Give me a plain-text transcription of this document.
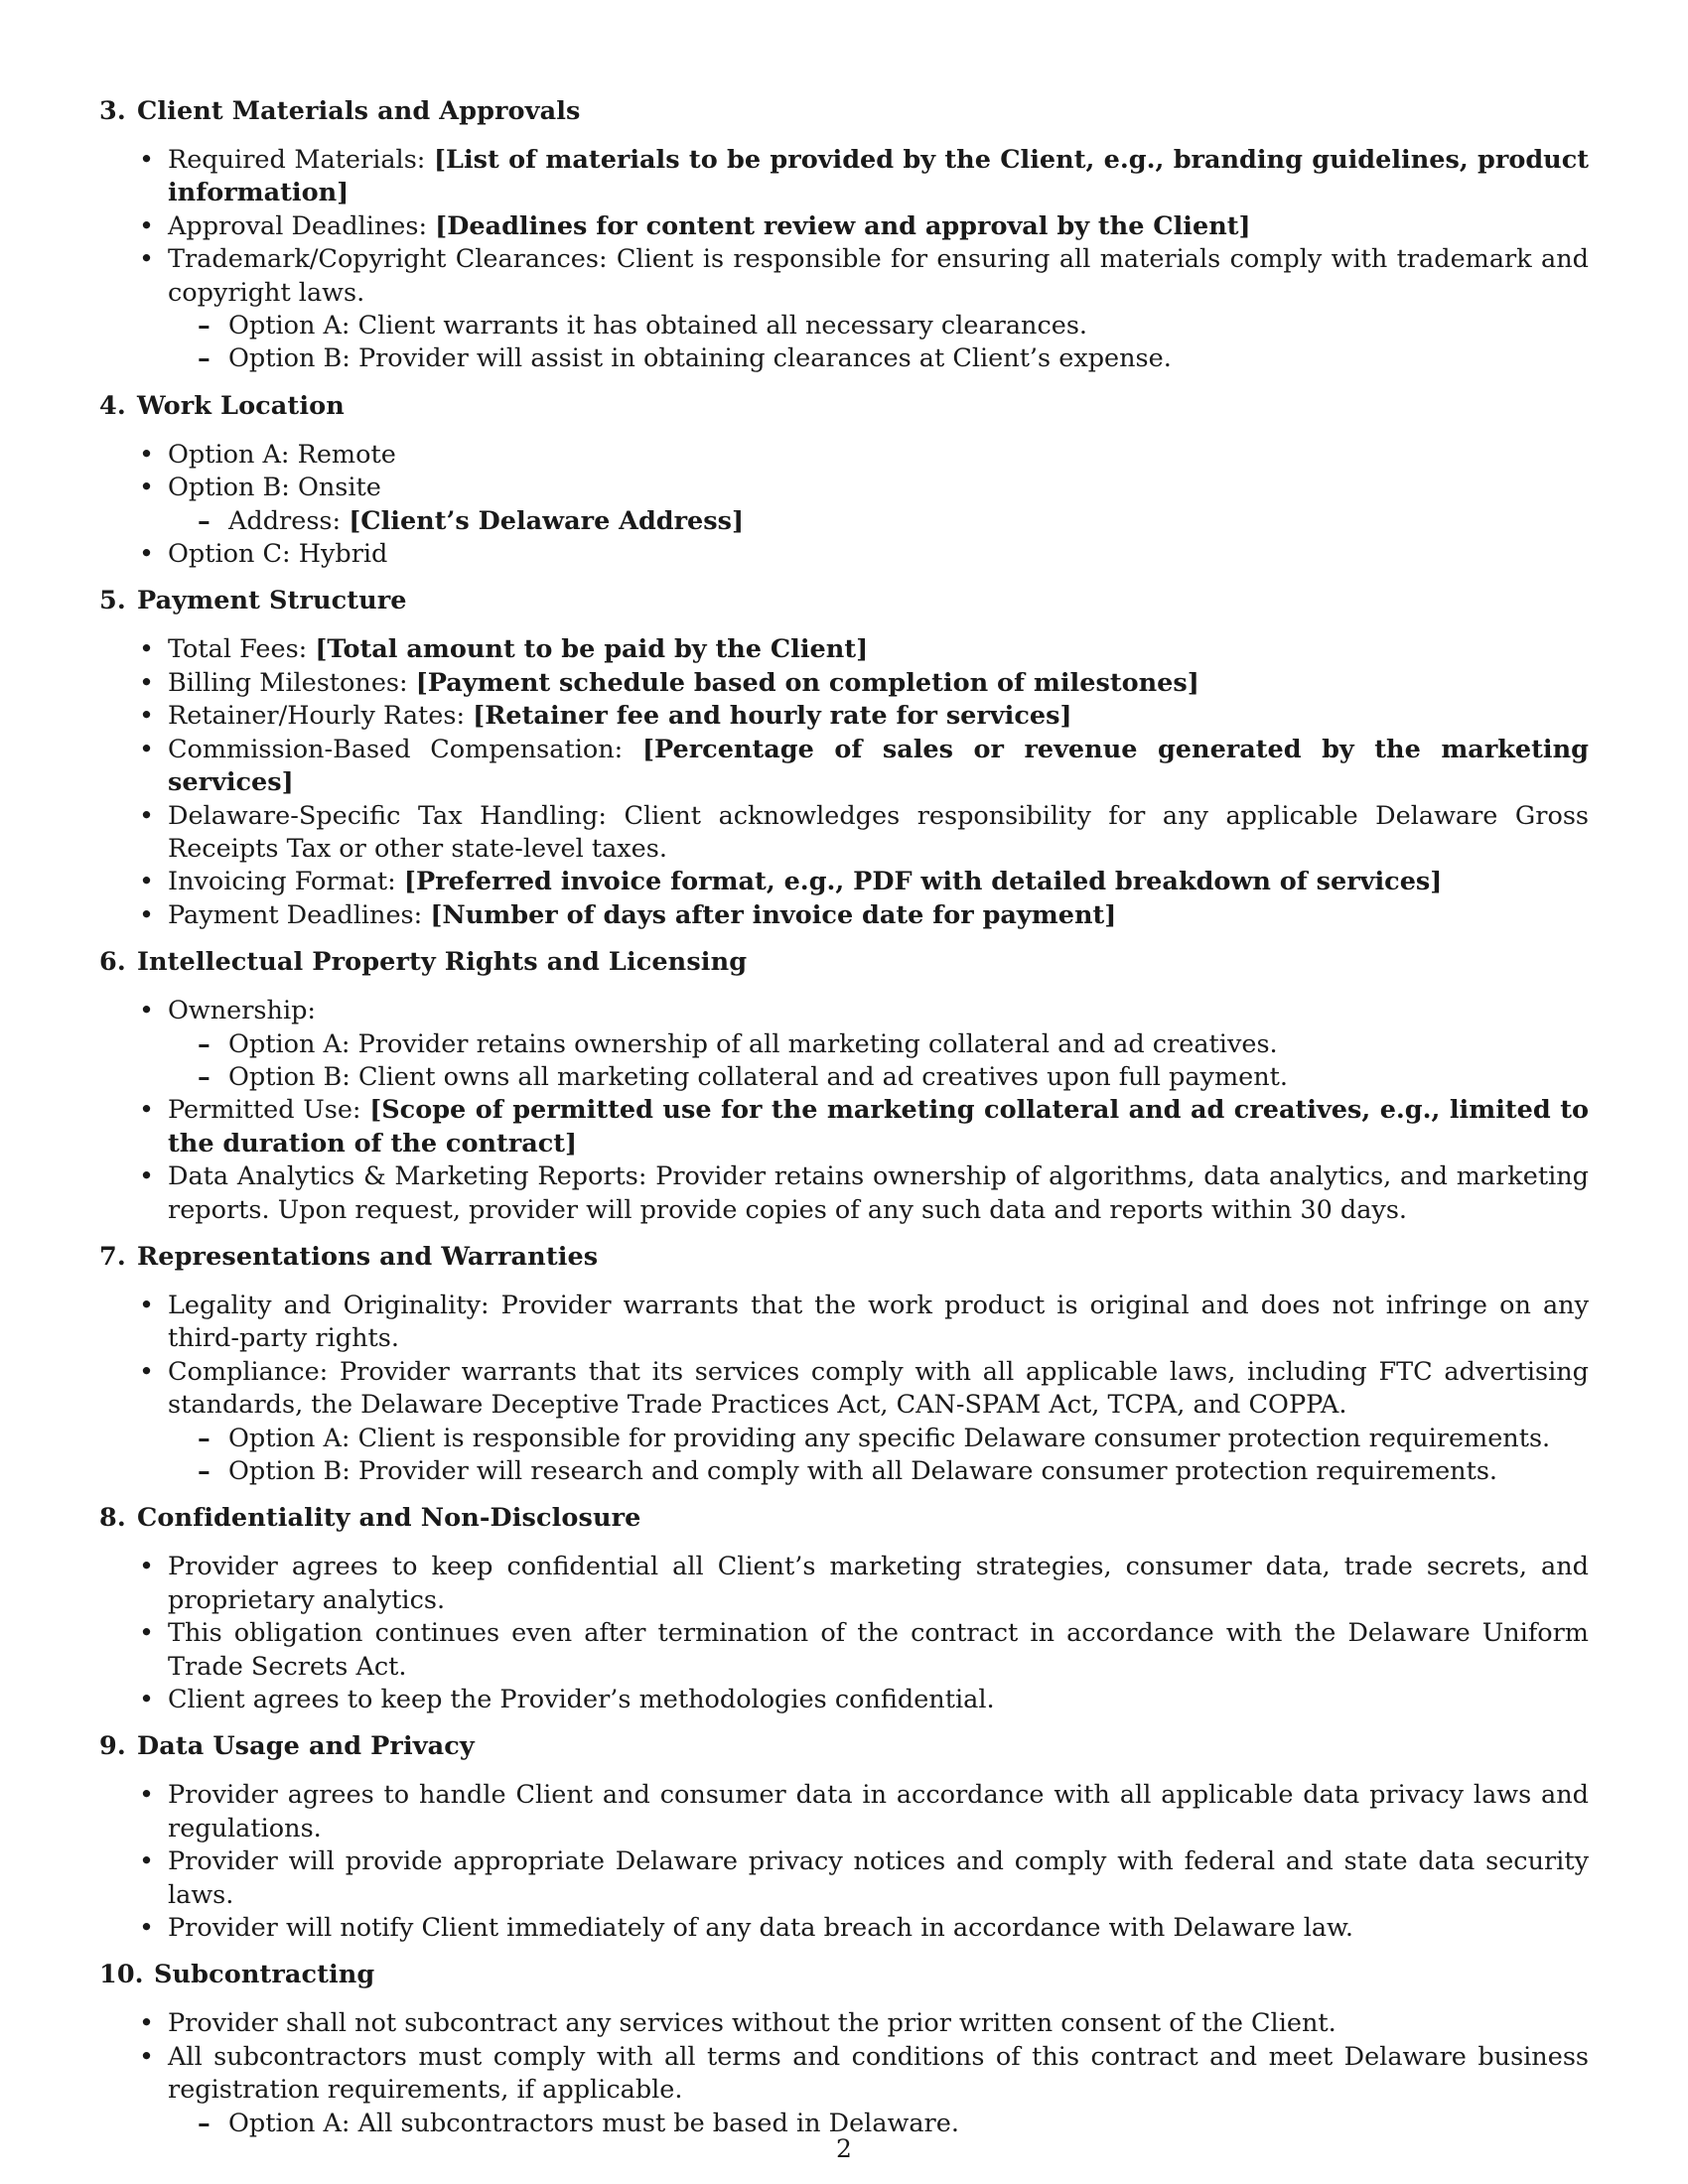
3. Client Materials and Approvals
• Required Materials: [List of materials to be provided by the Client, e.g., branding guidelines, product information]
• Approval Deadlines: [Deadlines for content review and approval by the Client]
• Trademark/Copyright Clearances: Client is responsible for ensuring all materials comply with trademark and copyright laws.
– Option A: Client warrants it has obtained all necessary clearances.
– Option B: Provider will assist in obtaining clearances at Client’s expense.
4. Work Location
• Option A: Remote
• Option B: Onsite
– Address: [Client’s Delaware Address]
• Option C: Hybrid
5. Payment Structure
• Total Fees: [Total amount to be paid by the Client]
• Billing Milestones: [Payment schedule based on completion of milestones]
• Retainer/Hourly Rates: [Retainer fee and hourly rate for services]
• Commission-Based Compensation: [Percentage of sales or revenue generated by the marketing services]
• Delaware-Specific Tax Handling: Client acknowledges responsibility for any applicable Delaware Gross Receipts Tax or other state-level taxes.
• Invoicing Format: [Preferred invoice format, e.g., PDF with detailed breakdown of services]
• Payment Deadlines: [Number of days after invoice date for payment]
6. Intellectual Property Rights and Licensing
• Ownership:
– Option A: Provider retains ownership of all marketing collateral and ad creatives.
– Option B: Client owns all marketing collateral and ad creatives upon full payment.
• Permitted Use: [Scope of permitted use for the marketing collateral and ad creatives, e.g., limited to the duration of the contract]
• Data Analytics & Marketing Reports: Provider retains ownership of algorithms, data analytics, and marketing reports. Upon request, provider will provide copies of any such data and reports within 30 days.
7. Representations and Warranties
• Legality and Originality: Provider warrants that the work product is original and does not infringe on any third-party rights.
• Compliance: Provider warrants that its services comply with all applicable laws, including FTC advertising standards, the Delaware Deceptive Trade Practices Act, CAN-SPAM Act, TCPA, and COPPA.
– Option A: Client is responsible for providing any specific Delaware consumer protection requirements.
– Option B: Provider will research and comply with all Delaware consumer protection requirements.
8. Confidentiality and Non-Disclosure
• Provider agrees to keep confidential all Client’s marketing strategies, consumer data, trade secrets, and proprietary analytics.
• This obligation continues even after termination of the contract in accordance with the Delaware Uniform Trade Secrets Act.
• Client agrees to keep the Provider’s methodologies confidential.
9. Data Usage and Privacy
• Provider agrees to handle Client and consumer data in accordance with all applicable data privacy laws and regulations.
• Provider will provide appropriate Delaware privacy notices and comply with federal and state data security laws.
• Provider will notify Client immediately of any data breach in accordance with Delaware law.
10. Subcontracting
• Provider shall not subcontract any services without the prior written consent of the Client.
• All subcontractors must comply with all terms and conditions of this contract and meet Delaware business registration requirements, if applicable.
– Option A: All subcontractors must be based in Delaware.
2
